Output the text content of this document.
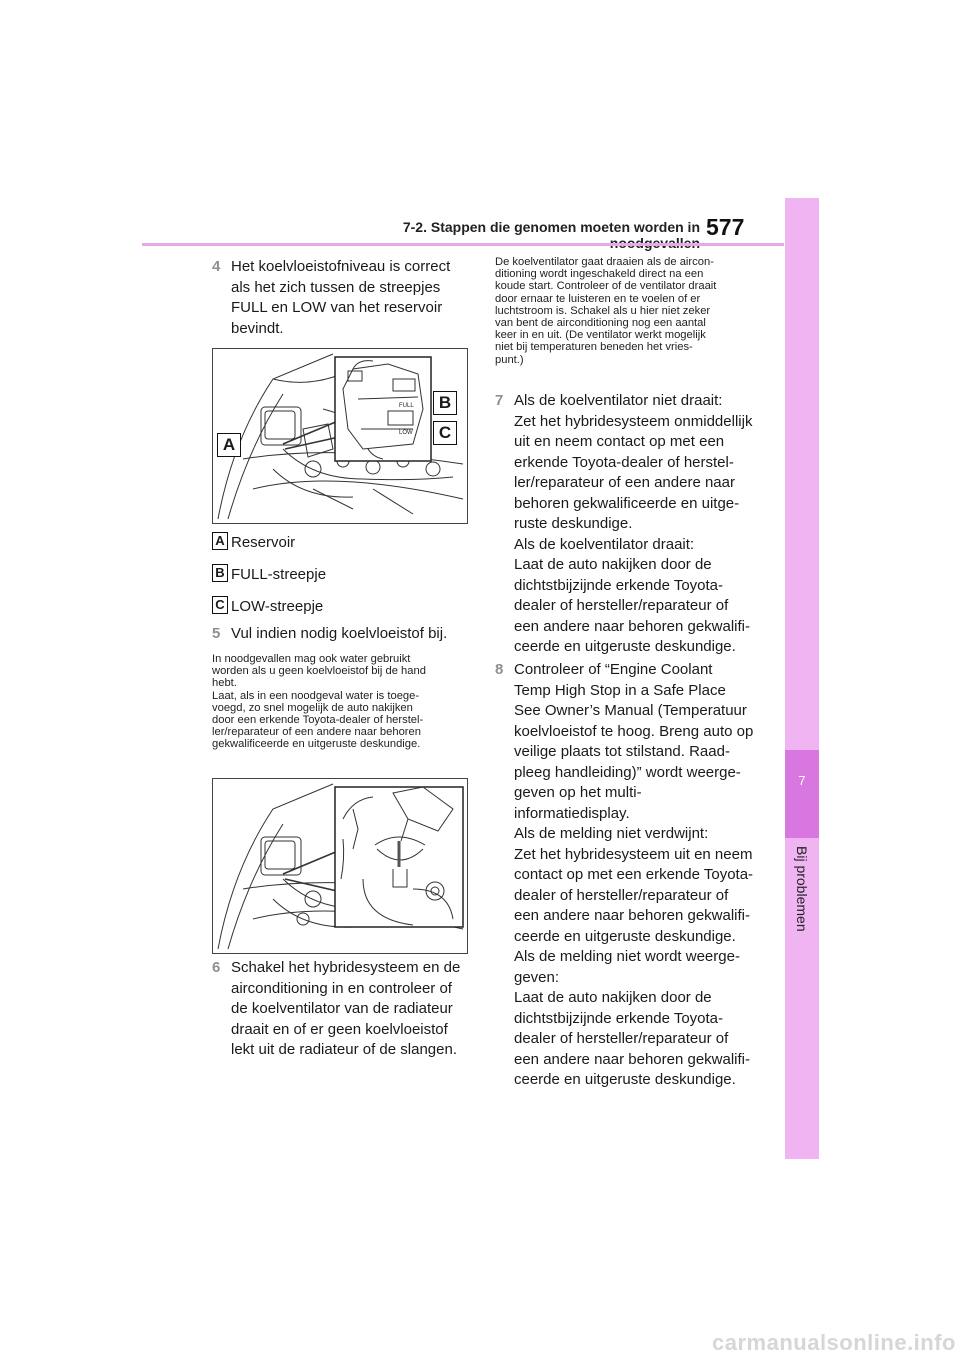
7-2. Stappen die genomen moeten worden in 577
7
Bij problemen
4 Het koelvloeistofniveau is correct
als het zich tussen de streepjes
FULL en LOW van het reservoir
bevindt.
FULL
LOW
A
B
C
A Reservoir
B FULL-streepje
C LOW-streepje
5 Vul indien nodig koelvloeistof bij.
In noodgevallen mag ook water gebruikt
worden als u geen koelvloeistof bij de hand
hebt.
Laat, als in een noodgeval water is toege-
voegd, zo snel mogelijk de auto nakijken
door een erkende Toyota-dealer of herstel-
ler/reparateur of een andere naar behoren
gekwalificeerde en uitgeruste deskundige.
6 Schakel het hybridesysteem en de
airconditioning in en controleer of
de koelventilator van de radiateur
draait en of er geen koelvloeistof
lekt uit de radiateur of de slangen.
De koelventilator gaat draaien als de aircon-
ditioning wordt ingeschakeld direct na een
koude start. Controleer of de ventilator draait
door ernaar te luisteren en te voelen of er
luchtstroom is. Schakel als u hier niet zeker
van bent de airconditioning nog een aantal
keer in en uit. (De ventilator werkt mogelijk
niet bij temperaturen beneden het vries-
punt.)
7 Als de koelventilator niet draait:
Zet het hybridesysteem onmiddellijk
uit en neem contact op met een
erkende Toyota-dealer of herstel-
ler/reparateur of een andere naar
behoren gekwalificeerde en uitge-
ruste deskundige.
Als de koelventilator draait:
Laat de auto nakijken door de
dichtstbijzijnde erkende Toyota-
dealer of hersteller/reparateur of
een andere naar behoren gekwalifi-
ceerde en uitgeruste deskundige.
8 Controleer of “Engine Coolant
Temp High Stop in a Safe Place
See Owner’s Manual (Temperatuur
koelvloeistof te hoog. Breng auto op
veilige plaats tot stilstand. Raad-
pleeg handleiding)” wordt weerge-
geven op het multi-
informatiedisplay.
Als de melding niet verdwijnt:
Zet het hybridesysteem uit en neem
contact op met een erkende Toyota-
dealer of hersteller/reparateur of
een andere naar behoren gekwalifi-
ceerde en uitgeruste deskundige.
Als de melding niet wordt weerge-
geven:
Laat de auto nakijken door de
dichtstbijzijnde erkende Toyota-
dealer of hersteller/reparateur of
een andere naar behoren gekwalifi-
ceerde en uitgeruste deskundige.
carmanualsonline.info
